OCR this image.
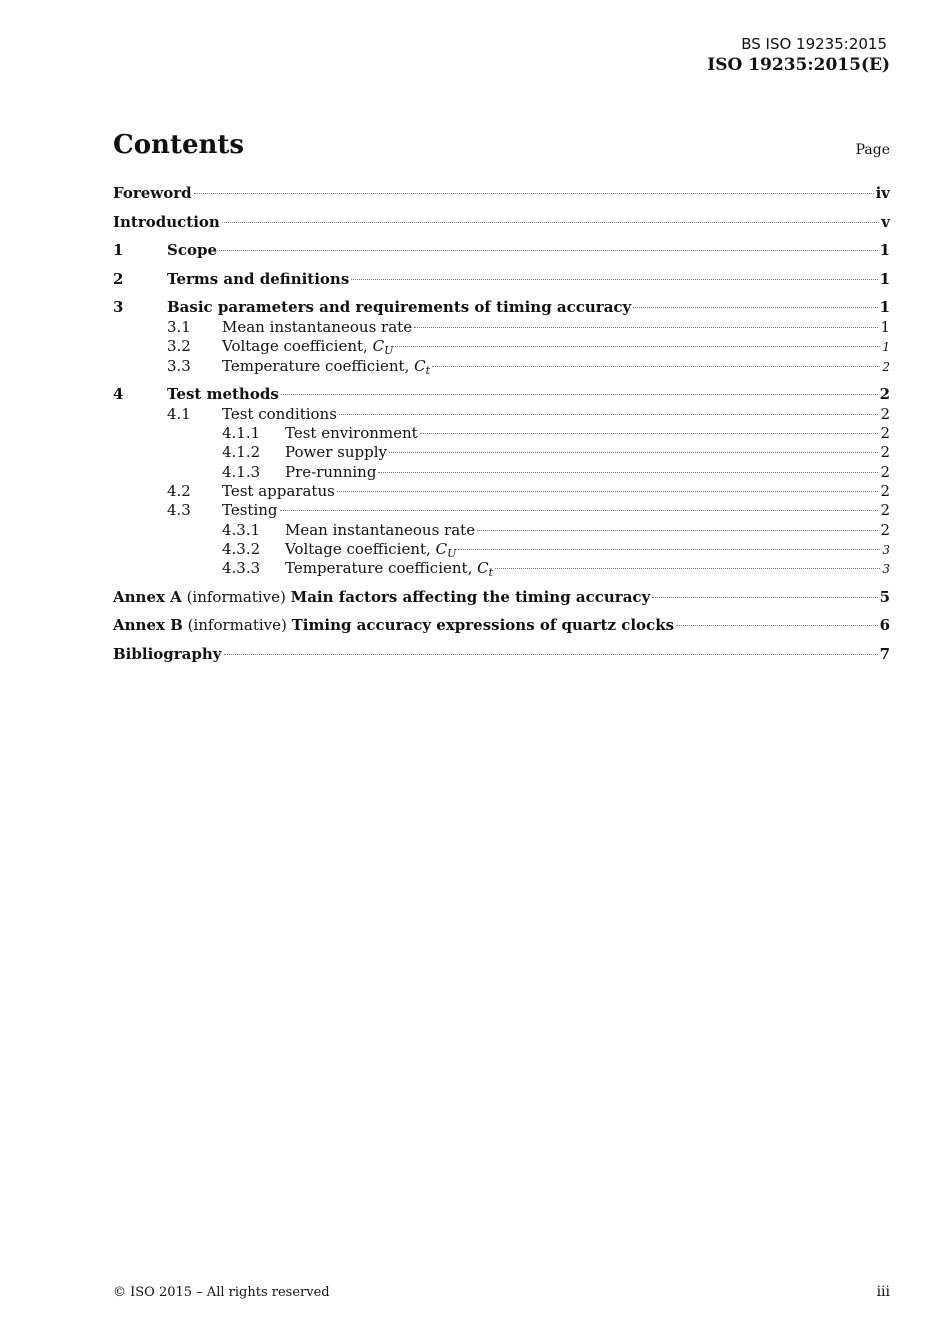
BS ISO 19235:2015
ISO 19235:2015(E)
Contents	Page
Foreword	iv
Introduction	v
1	Scope	1
2	Terms and definitions	1
3	Basic parameters and requirements of timing accuracy	1
3.1	Mean instantaneous rate	1
3.2	Voltage coefficient, $C_U$	1
3.3	Temperature coefficient, $C_t$	2
4	Test methods	2
4.1	Test conditions	2
4.1.1	Test environment	2
4.1.2	Power supply	2
4.1.3	Pre-running	2
4.2	Test apparatus	2
4.3	Testing	2
4.3.1	Mean instantaneous rate	2
4.3.2	Voltage coefficient, $C_U$	3
4.3.3	Temperature coefficient, $C_t$	3
Annex A (informative) Main factors affecting the timing accuracy	5
Annex B (informative) Timing accuracy expressions of quartz clocks	6
Bibliography	7
© ISO 2015 – All rights reserved	iii
